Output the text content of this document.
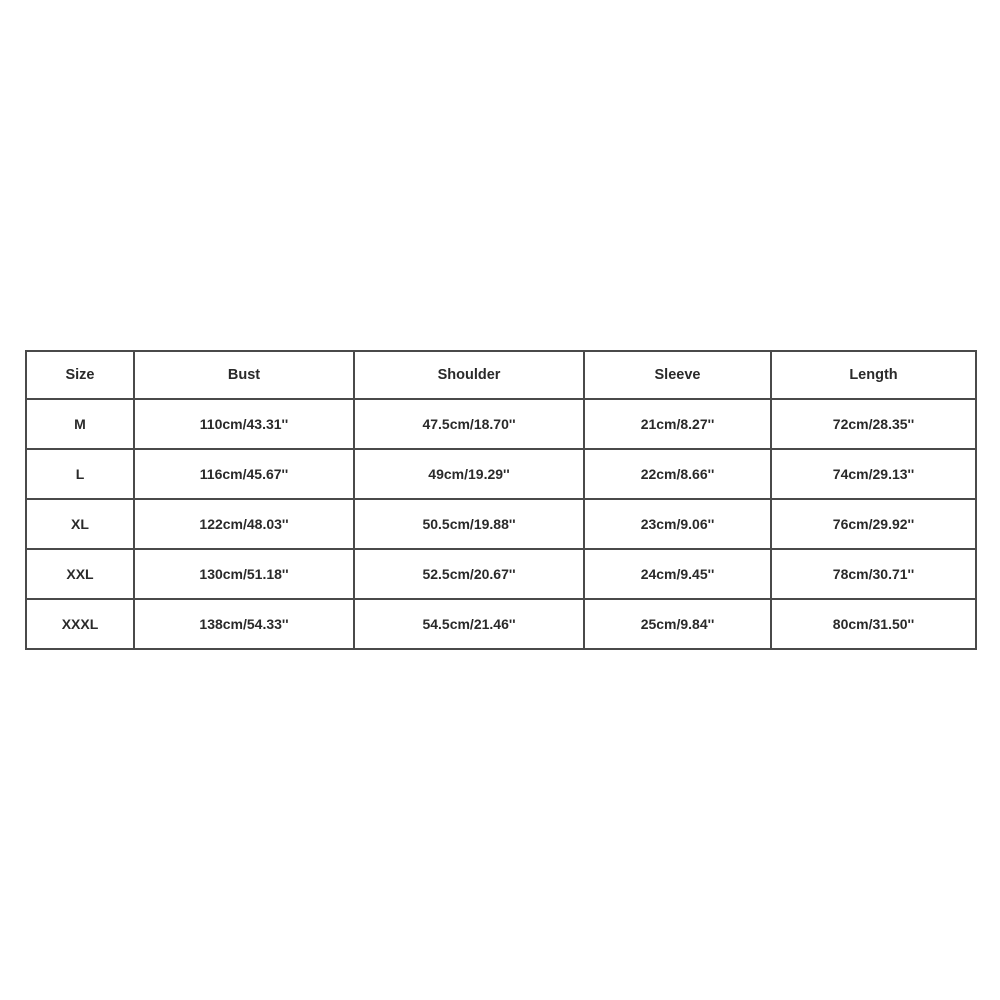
Size	Bust	Shoulder	Sleeve	Length
M	110cm/43.31''	47.5cm/18.70''	21cm/8.27''	72cm/28.35''
L	116cm/45.67''	49cm/19.29''	22cm/8.66''	74cm/29.13''
XL	122cm/48.03''	50.5cm/19.88''	23cm/9.06''	76cm/29.92''
XXL	130cm/51.18''	52.5cm/20.67''	24cm/9.45''	78cm/30.71''
XXXL	138cm/54.33''	54.5cm/21.46''	25cm/9.84''	80cm/31.50''
